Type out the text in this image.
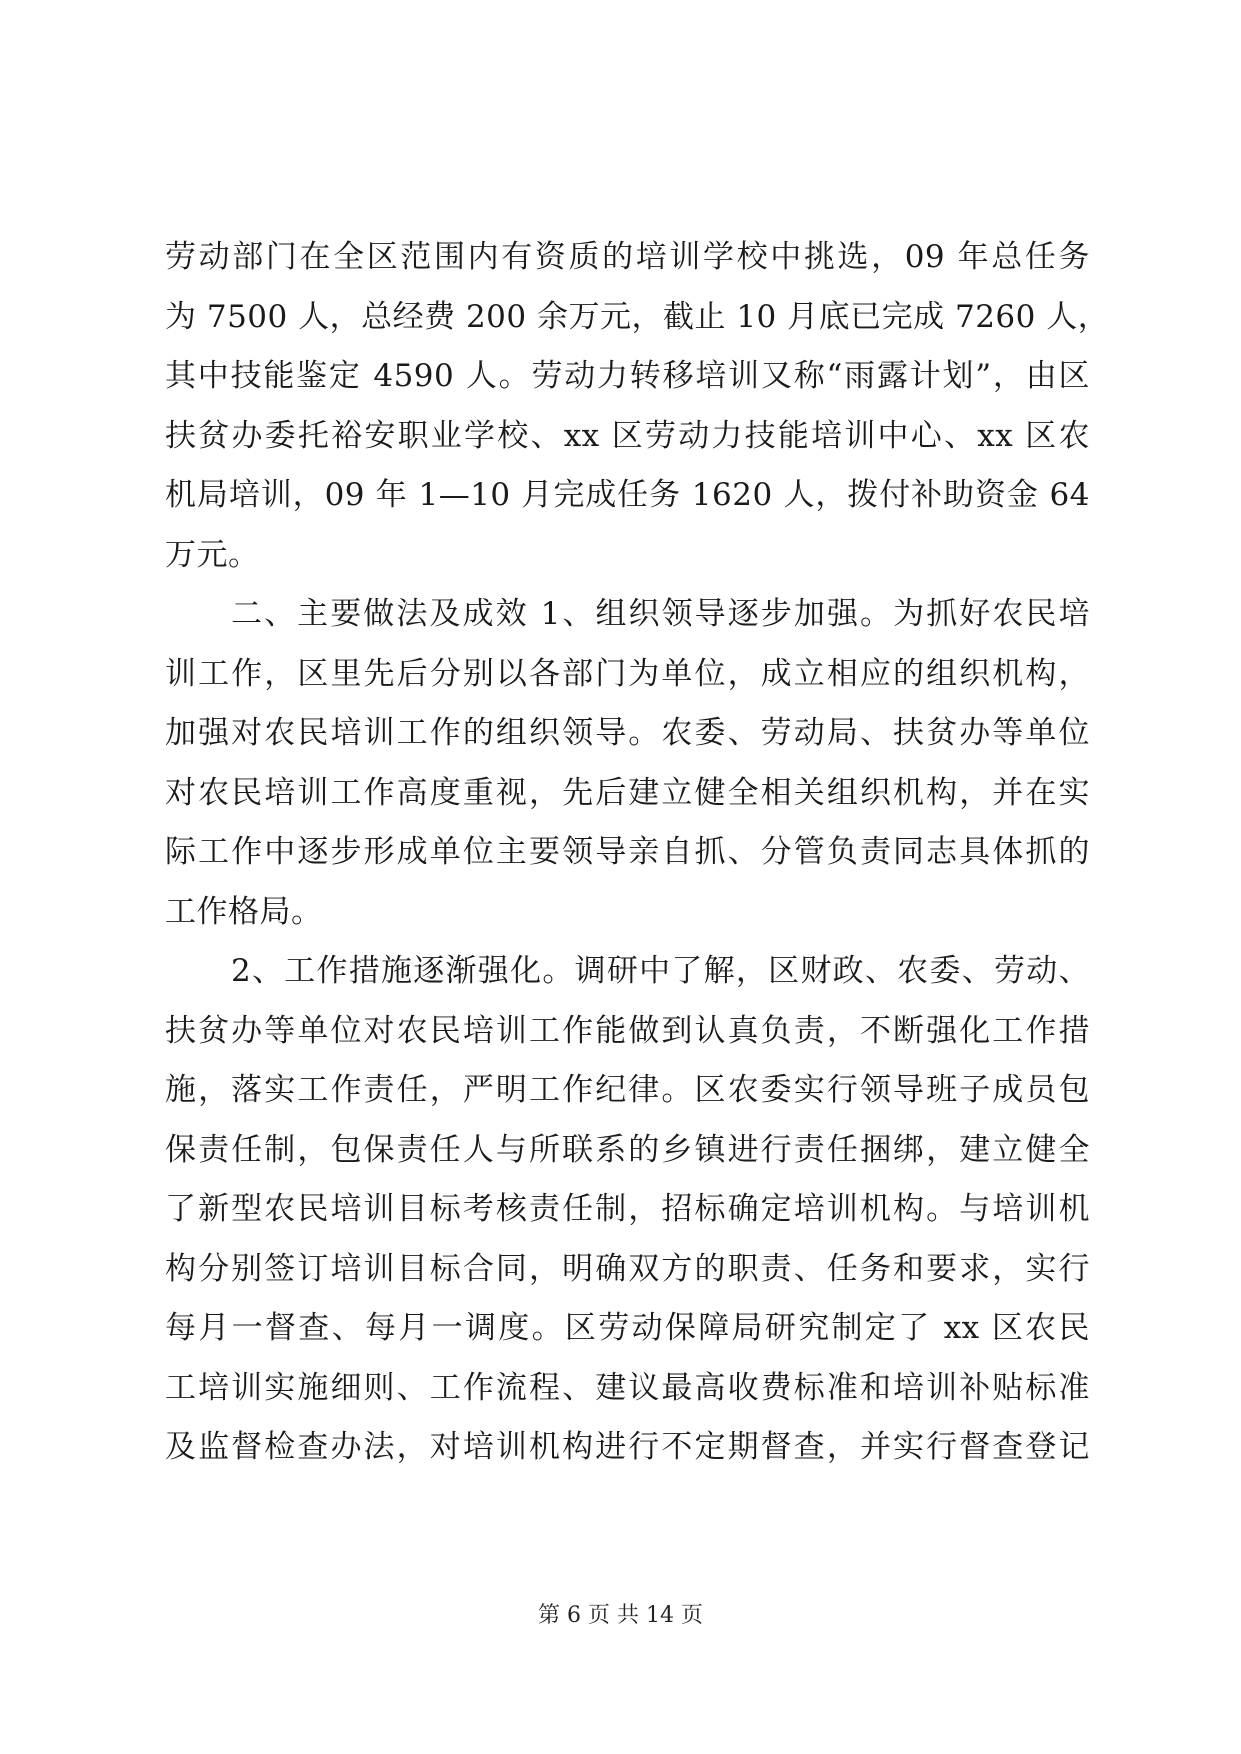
劳动部门在全区范围内有资质的培训学校中挑选，09 年总任务
为 7500 人，总经费 200 余万元，截止 10 月底已完成 7260 人，
其中技能鉴定 4590 人。劳动力转移培训又称“雨露计划”，由区
扶贫办委托裕安职业学校、xx 区劳动力技能培训中心、xx 区农
机局培训，09 年 1—10 月完成任务 1620 人，拨付补助资金 64
万元。
二、主要做法及成效 1、组织领导逐步加强。为抓好农民培
训工作，区里先后分别以各部门为单位，成立相应的组织机构，
加强对农民培训工作的组织领导。农委、劳动局、扶贫办等单位
对农民培训工作高度重视，先后建立健全相关组织机构，并在实
际工作中逐步形成单位主要领导亲自抓、分管负责同志具体抓的
工作格局。
2、工作措施逐渐强化。调研中了解，区财政、农委、劳动、
扶贫办等单位对农民培训工作能做到认真负责，不断强化工作措
施，落实工作责任，严明工作纪律。区农委实行领导班子成员包
保责任制，包保责任人与所联系的乡镇进行责任捆绑，建立健全
了新型农民培训目标考核责任制，招标确定培训机构。与培训机
构分别签订培训目标合同，明确双方的职责、任务和要求，实行
每月一督查、每月一调度。区劳动保障局研究制定了 xx 区农民
工培训实施细则、工作流程、建议最高收费标准和培训补贴标准
及监督检查办法，对培训机构进行不定期督查，并实行督查登记
第 6 页 共 14 页
